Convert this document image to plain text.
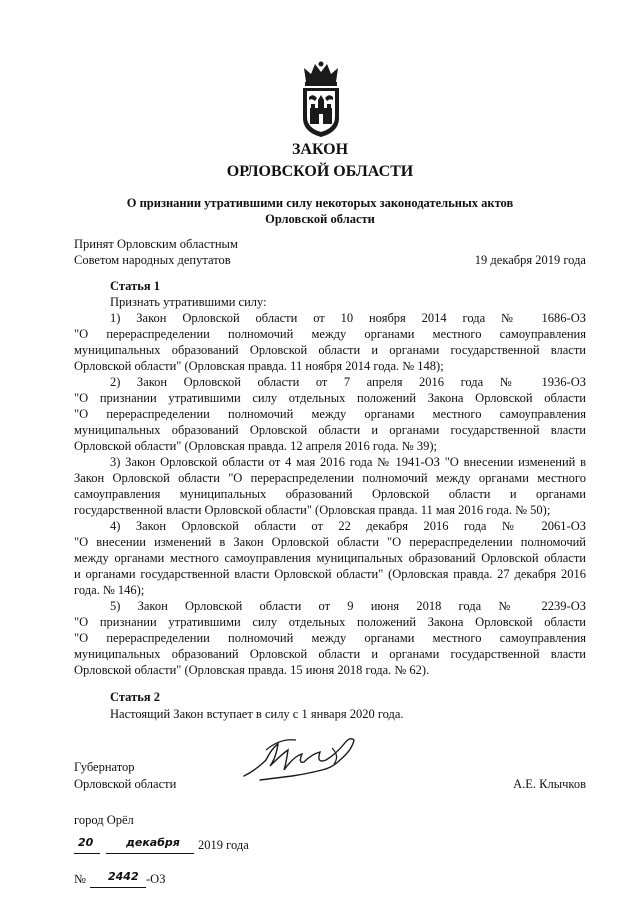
ЗАКОН
ОРЛОВСКОЙ ОБЛАСТИ
О признании утратившими силу некоторых законодательных актов
Орловской области
Принят Орловским областным
Советом народных депутатов	19 декабря 2019 года
Статья 1
Признать утратившими силу:
1) Закон Орловской области от 10 ноября 2014 года № 1686-ОЗ
"О перераспределении полномочий между органами местного самоуправления
муниципальных образований Орловской области и органами государственной власти
Орловской области" (Орловская правда. 11 ноября 2014 года. № 148);
2) Закон Орловской области от 7 апреля 2016 года № 1936-ОЗ
"О признании утратившими силу отдельных положений Закона Орловской области
"О перераспределении полномочий между органами местного самоуправления
муниципальных образований Орловской области и органами государственной власти
Орловской области" (Орловская правда. 12 апреля 2016 года. № 39);
3) Закон Орловской области от 4 мая 2016 года № 1941-ОЗ "О внесении изменений в
Закон Орловской области "О перераспределении полномочий между органами местного
самоуправления муниципальных образований Орловской области и органами
государственной власти Орловской области" (Орловская правда. 11 мая 2016 года. № 50);
4) Закон Орловской области от 22 декабря 2016 года № 2061-ОЗ
"О внесении изменений в Закон Орловской области "О перераспределении полномочий
между органами местного самоуправления муниципальных образований Орловской области
и органами государственной власти Орловской области" (Орловская правда. 27 декабря 2016
года. № 146);
5) Закон Орловской области от 9 июня 2018 года № 2239-ОЗ
"О признании утратившими силу отдельных положений Закона Орловской области
"О перераспределении полномочий между органами местного самоуправления
муниципальных образований Орловской области и органами государственной власти
Орловской области" (Орловская правда. 15 июня 2018 года. № 62).
Статья 2
Настоящий Закон вступает в силу с 1 января 2020 года.
Губернатор
Орловской области	А.Е. Клычков
город Орёл
20	декабря 2019 года
№ 2442 -ОЗ
